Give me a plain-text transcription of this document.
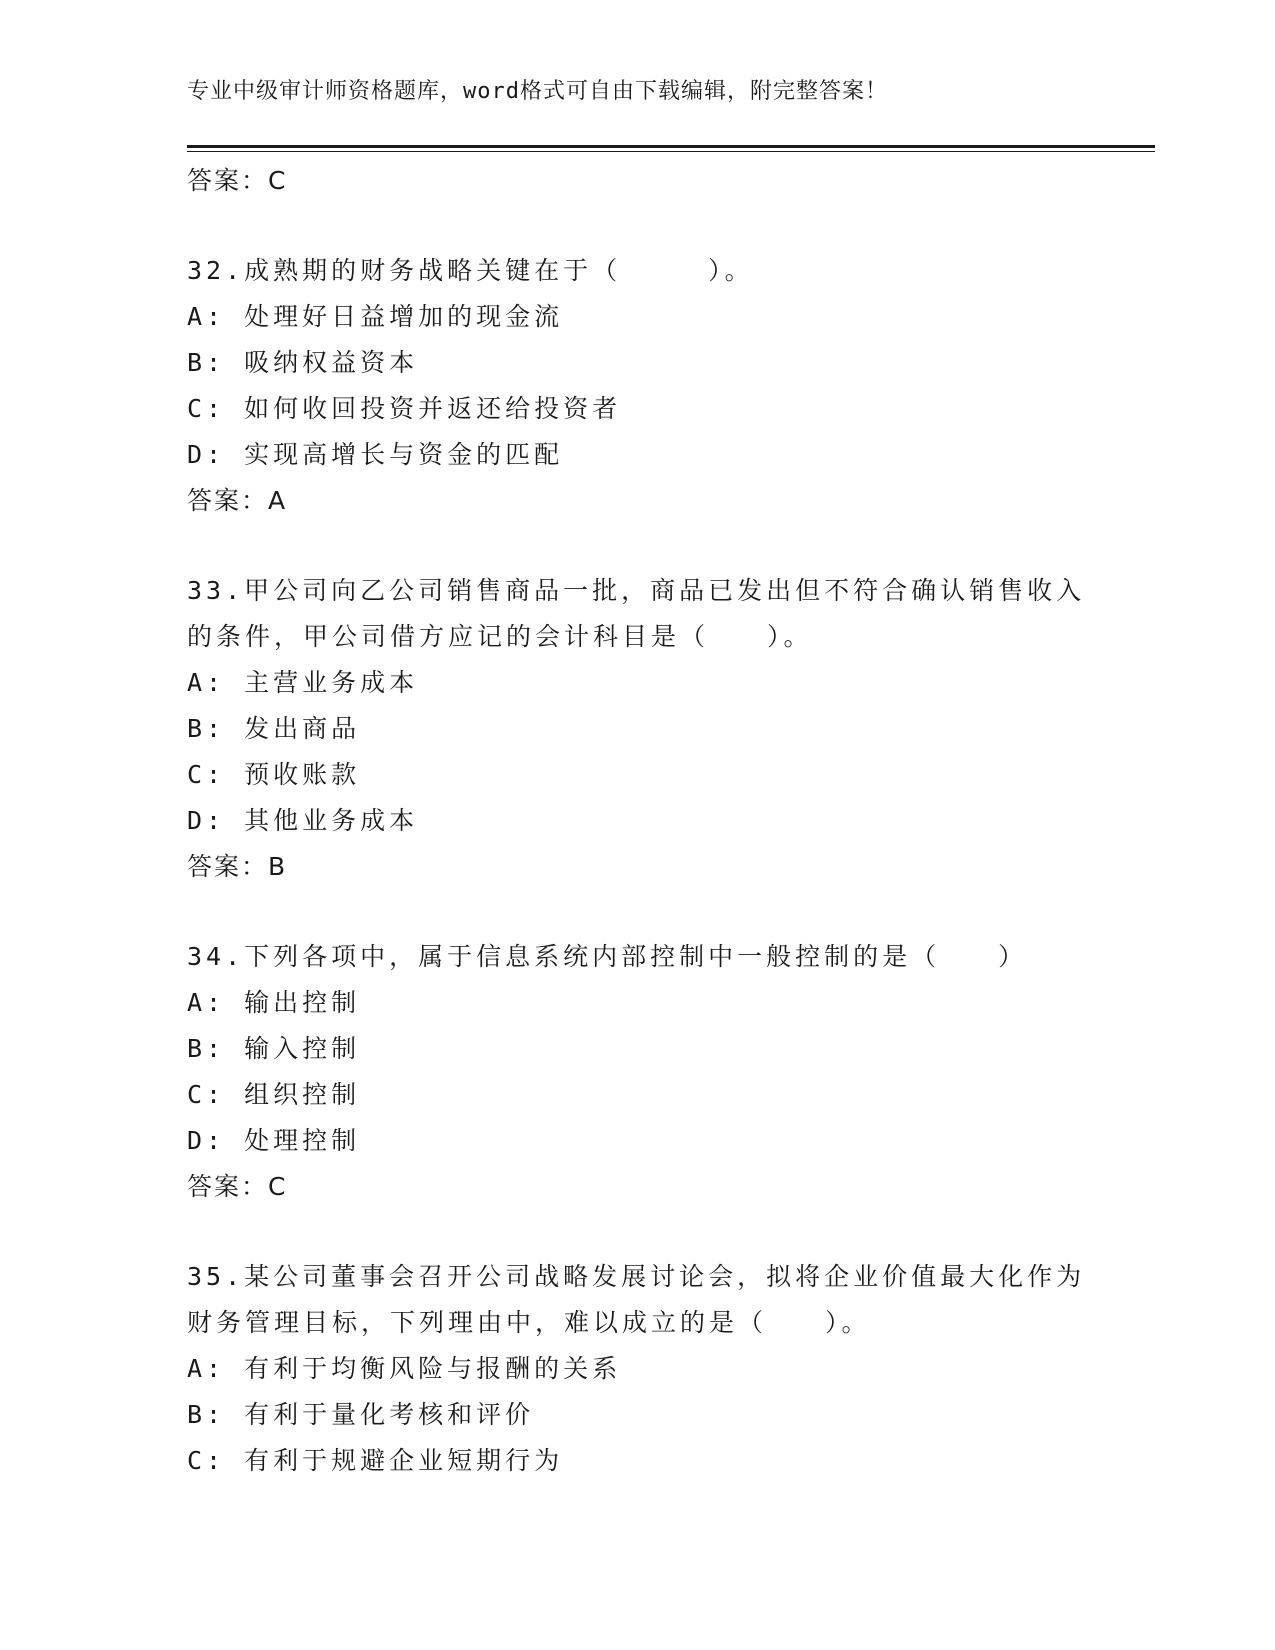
专业中级审计师资格题库，word格式可自由下载编辑，附完整答案！
答案：C
32.成熟期的财务战略关键在于（　　　）。
A: 处理好日益增加的现金流
B: 吸纳权益资本
C: 如何收回投资并返还给投资者
D: 实现高增长与资金的匹配
答案：A
33.甲公司向乙公司销售商品一批，商品已发出但不符合确认销售收入
的条件，甲公司借方应记的会计科目是（　　）。
A: 主营业务成本
B: 发出商品
C: 预收账款
D: 其他业务成本
答案：B
34.下列各项中，属于信息系统内部控制中一般控制的是（　　）
A: 输出控制
B: 输入控制
C: 组织控制
D: 处理控制
答案：C
35.某公司董事会召开公司战略发展讨论会，拟将企业价值最大化作为
财务管理目标，下列理由中，难以成立的是（　　）。
A: 有利于均衡风险与报酬的关系
B: 有利于量化考核和评价
C: 有利于规避企业短期行为
